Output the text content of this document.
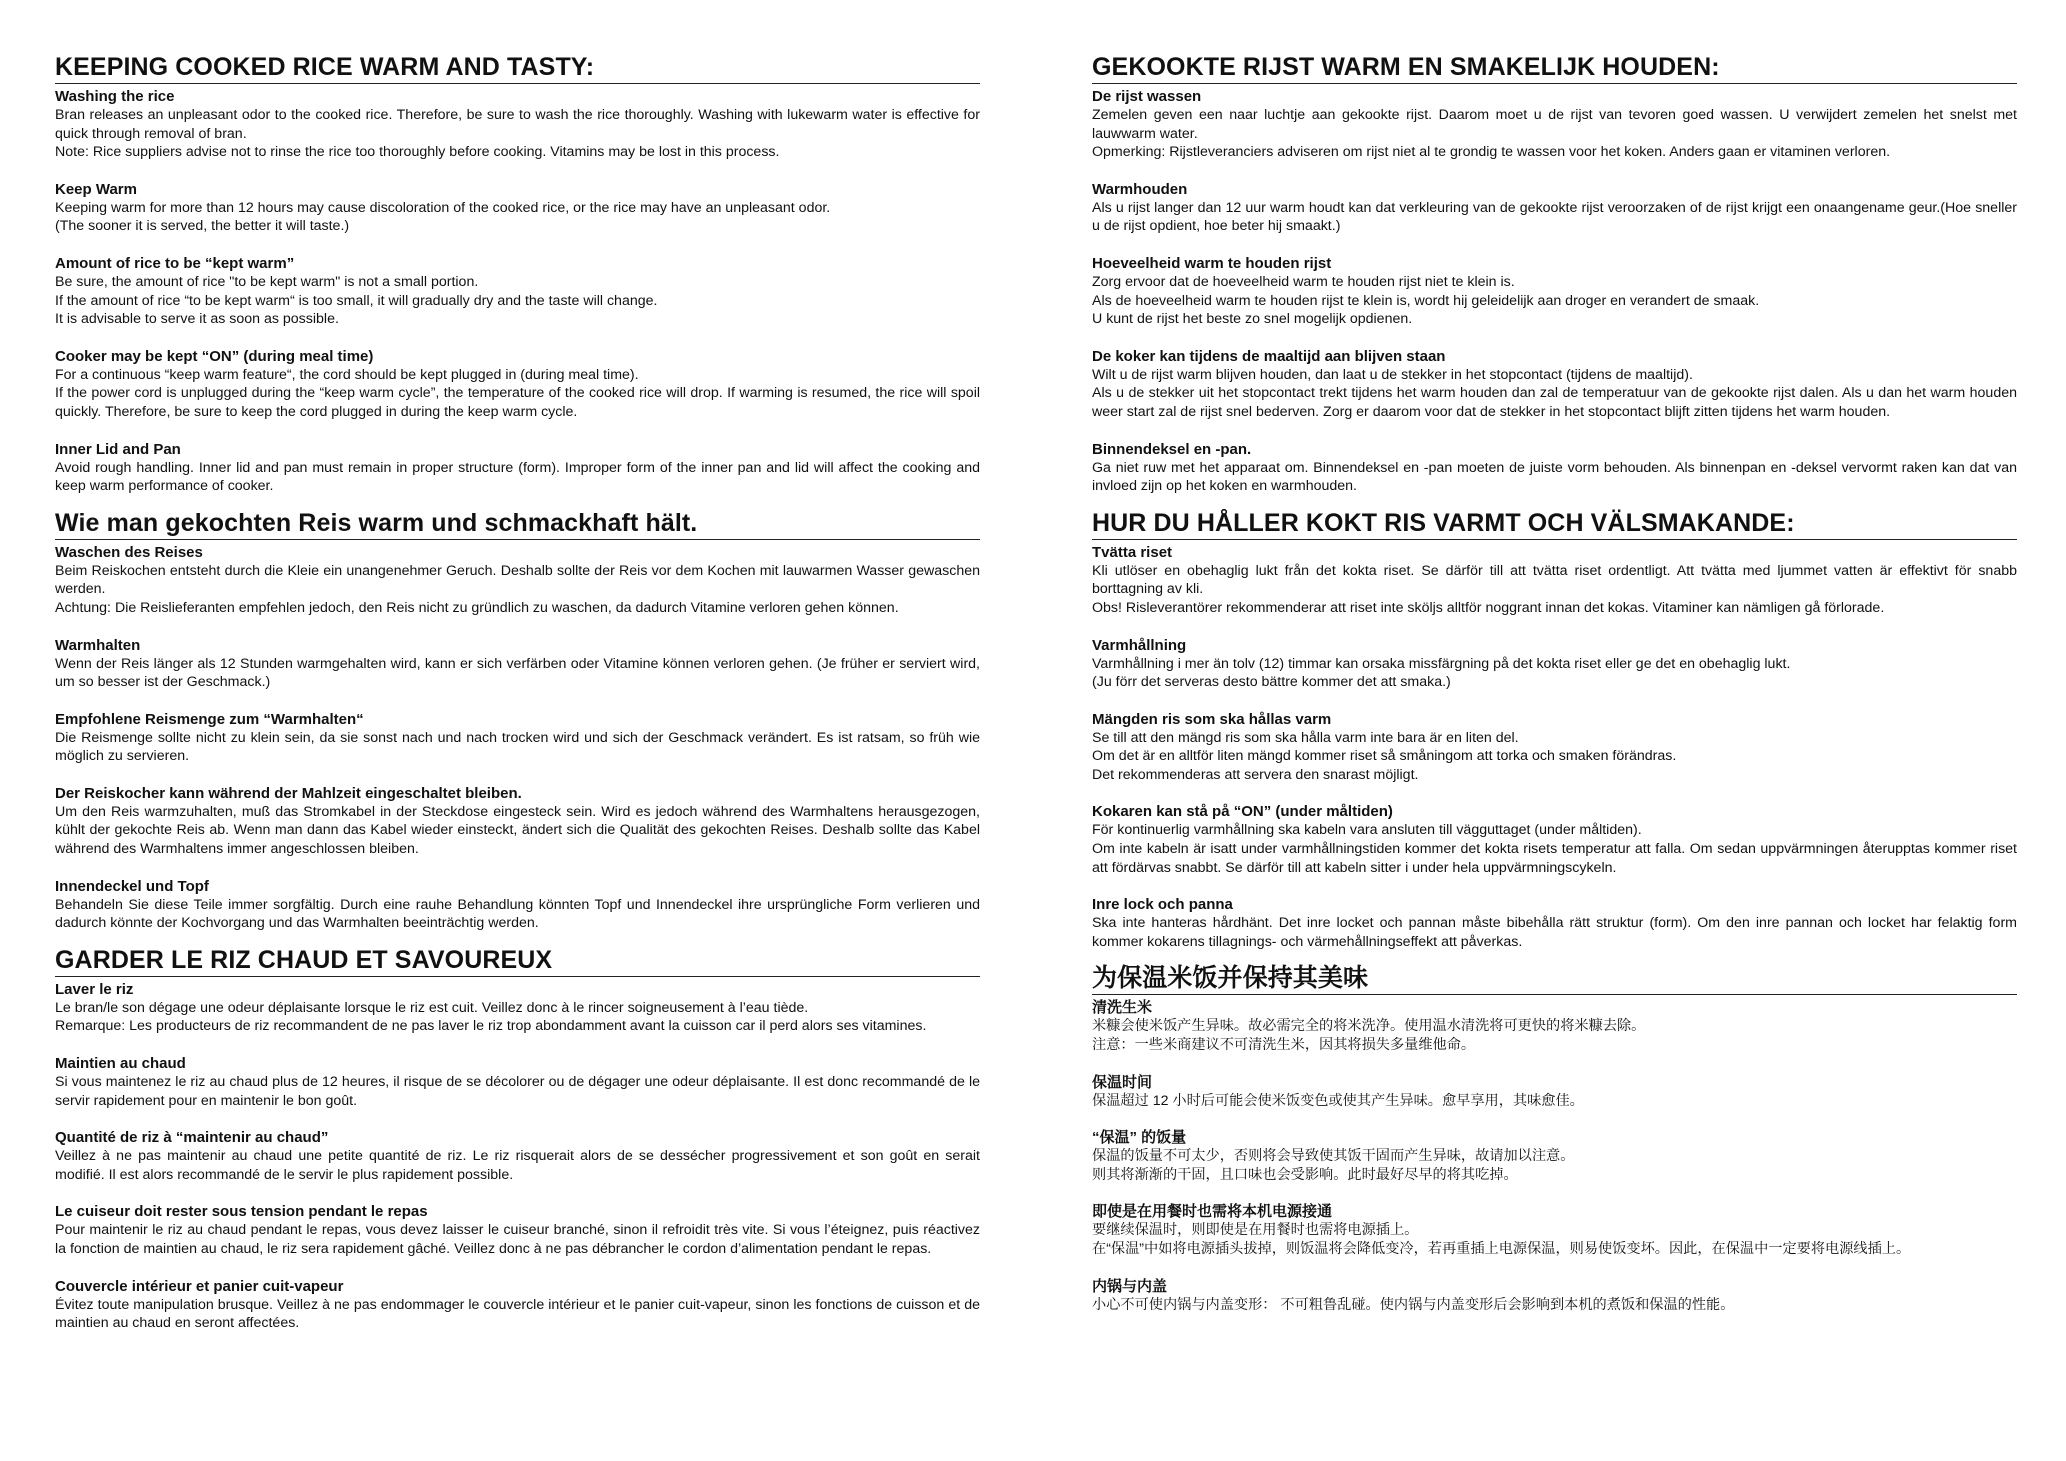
KEEPING COOKED RICE WARM AND TASTY:
Washing the rice

Bran releases an unpleasant odor to the cooked rice. Therefore, be sure to wash the rice thoroughly. Washing with lukewarm water is effective for quick through removal of bran.

Note: Rice suppliers advise not to rinse the rice too thoroughly before cooking. Vitamins may be lost in this process.

Keep Warm

Keeping warm for more than 12 hours may cause discoloration of the cooked rice, or the rice may have an unpleasant odor.

(The sooner it is served, the better it will taste.)

Amount of rice to be “kept warm”

Be sure, the amount of rice "to be kept warm" is not a small portion.

If the amount of rice “to be kept warm“ is too small, it will gradually dry and the taste will change.

It is advisable to serve it as soon as possible.

Cooker may be kept “ON” (during meal time)

For a continuous “keep warm feature“, the cord should be kept plugged in (during meal time).

If the power cord is unplugged during the “keep warm cycle”, the temperature of the cooked rice will drop. If warming is resumed, the rice will spoil quickly. Therefore, be sure to keep the cord plugged in during the keep warm cycle.

Inner Lid and Pan

Avoid rough handling. Inner lid and pan must remain in proper structure (form). Improper form of the inner pan and lid will affect the cooking and keep warm performance of cooker.

Wie man gekochten Reis warm und schmackhaft hält.
Waschen des Reises

Beim Reiskochen entsteht durch die Kleie ein unangenehmer Geruch. Deshalb sollte der Reis vor dem Kochen mit lauwarmen Wasser gewaschen werden.

Achtung: Die Reislieferanten empfehlen jedoch, den Reis nicht zu gründlich zu waschen, da dadurch Vitamine verloren gehen können.

Warmhalten

Wenn der Reis länger als 12 Stunden warmgehalten wird, kann er sich verfärben oder Vitamine können verloren gehen. (Je früher er serviert wird, um so besser ist der Geschmack.)

Empfohlene Reismenge zum “Warmhalten“

Die Reismenge sollte nicht zu klein sein, da sie sonst nach und nach trocken wird und sich der Geschmack verändert. Es ist ratsam, so früh wie möglich zu servieren.

Der Reiskocher kann während der Mahlzeit eingeschaltet bleiben.

Um den Reis warmzuhalten, muß das Stromkabel in der Steckdose eingesteck sein. Wird es jedoch während des Warmhaltens herausgezogen, kühlt der gekochte Reis ab. Wenn man dann das Kabel wieder einsteckt, ändert sich die Qualität des gekochten Reises. Deshalb sollte das Kabel während des Warmhaltens immer angeschlossen bleiben.

Innendeckel und Topf

Behandeln Sie diese Teile immer sorgfältig. Durch eine rauhe Behandlung könnten Topf und Innendeckel ihre ursprüngliche Form verlieren und dadurch könnte der Kochvorgang und das Warmhalten beeinträchtig werden.

GARDER LE RIZ CHAUD ET SAVOUREUX
Laver le riz

Le bran/le son dégage une odeur déplaisante lorsque le riz est cuit. Veillez donc à le rincer soigneusement à l’eau tiède.

Remarque: Les producteurs de riz recommandent de ne pas laver le riz trop abondamment avant la cuisson car il perd alors ses vitamines.

Maintien au chaud

Si vous maintenez le riz au chaud plus de 12 heures, il risque de se décolorer ou de dégager une odeur déplaisante. Il est donc recommandé de le servir rapidement pour en maintenir le bon goût.

Quantité de riz à “maintenir au chaud”

Veillez à ne pas maintenir au chaud une petite quantité de riz. Le riz risquerait alors de se dessécher progressivement et son goût en serait modifié. Il est alors recommandé de le servir le plus rapidement possible.

Le cuiseur doit rester sous tension pendant le repas

Pour maintenir le riz au chaud pendant le repas, vous devez laisser le cuiseur branché, sinon il refroidit très vite. Si vous l’éteignez, puis réactivez la fonction de maintien au chaud, le riz sera rapidement gâché. Veillez donc à ne pas débrancher le cordon d’alimentation pendant le repas.

Couvercle intérieur et panier cuit-vapeur

Évitez toute manipulation brusque. Veillez à ne pas endommager le couvercle intérieur et le panier cuit-vapeur, sinon les fonctions de cuisson et de maintien au chaud en seront affectées.

GEKOOKTE RIJST WARM EN SMAKELIJK HOUDEN:
De rijst wassen

Zemelen geven een naar luchtje aan gekookte rijst. Daarom moet u de rijst van tevoren goed wassen. U verwijdert zemelen het snelst met lauwwarm water.

Opmerking: Rijstleveranciers adviseren om rijst niet al te grondig te wassen voor het koken. Anders gaan er vitaminen verloren.

Warmhouden

Als u rijst langer dan 12 uur warm houdt kan dat verkleuring van de gekookte rijst veroorzaken of de rijst krijgt een onaangename geur.(Hoe sneller u de rijst opdient, hoe beter hij smaakt.)

Hoeveelheid warm te houden rijst

Zorg ervoor dat de hoeveelheid warm te houden rijst niet te klein is.

Als de hoeveelheid warm te houden rijst te klein is, wordt hij geleidelijk aan droger en verandert de smaak.

U kunt de rijst het beste zo snel mogelijk opdienen.

De koker kan tijdens de maaltijd aan blijven staan

Wilt u de rijst warm blijven houden, dan laat u de stekker in het stopcontact (tijdens de maaltijd).

Als u de stekker uit het stopcontact trekt tijdens het warm houden dan zal de temperatuur van de gekookte rijst dalen. Als u dan het warm houden weer start zal de rijst snel bederven. Zorg er daarom voor dat de stekker in het stopcontact blijft zitten tijdens het warm houden.

Binnendeksel en -pan.

Ga niet ruw met het apparaat om. Binnendeksel en -pan moeten de juiste vorm behouden. Als binnenpan en -deksel vervormt raken kan dat van invloed zijn op het koken en warmhouden.

HUR DU HÅLLER KOKT RIS VARMT OCH VÄLSMAKANDE:
Tvätta riset

Kli utlöser en obehaglig lukt från det kokta riset. Se därför till att tvätta riset ordentligt. Att tvätta med ljummet vatten är effektivt för snabb borttagning av kli.

Obs! Risleverantörer rekommenderar att riset inte sköljs alltför noggrant innan det kokas. Vitaminer kan nämligen gå förlorade.

Varmhållning

Varmhållning i mer än tolv (12) timmar kan orsaka missfärgning på det kokta riset eller ge det en obehaglig lukt.

(Ju förr det serveras desto bättre kommer det att smaka.)

Mängden ris som ska hållas varm

Se till att den mängd ris som ska hålla varm inte bara är en liten del.

Om det är en alltför liten mängd kommer riset så småningom att torka och smaken förändras.

Det rekommenderas att servera den snarast möjligt.

Kokaren kan stå på “ON” (under måltiden)

För kontinuerlig varmhållning ska kabeln vara ansluten till vägguttaget (under måltiden).

Om inte kabeln är isatt under varmhållningstiden kommer det kokta risets temperatur att falla. Om sedan uppvärmningen återupptas kommer riset att fördärvas snabbt. Se därför till att kabeln sitter i under hela uppvärmningscykeln.

Inre lock och panna

Ska inte hanteras hårdhänt. Det inre locket och pannan måste bibehålla rätt struktur (form). Om den inre pannan och locket har felaktig form kommer kokarens tillagnings- och värmehållningseffekt att påverkas.

为保温米饭并保持其美味
清洗生米

米糠会使米饭产生异味。故必需完全的将米洗净。使用温水清洗将可更快的将米糠去除。

注意：一些米商建议不可清洗生米，因其将损失多量维他命。

保温时间

保温超过 12 小时后可能会使米饭变色或使其产生异味。愈早享用，其味愈佳。

“保温” 的饭量

保温的饭量不可太少，否则将会导致使其饭干固而产生异味，故请加以注意。

则其将渐渐的干固，且口味也会受影响。此时最好尽早的将其吃掉。

即使是在用餐时也需将本机电源接通

要继续保温时，则即使是在用餐时也需将电源插上。

在“保温”中如将电源插头拔掉，则饭温将会降低变冷，若再重插上电源保温，则易使饭变坏。因此，在保温中一定要将电源线插上。

内锅与内盖

小心不可使内锅与内盖变形： 不可粗鲁乱碰。使内锅与内盖变形后会影响到本机的煮饭和保温的性能。
